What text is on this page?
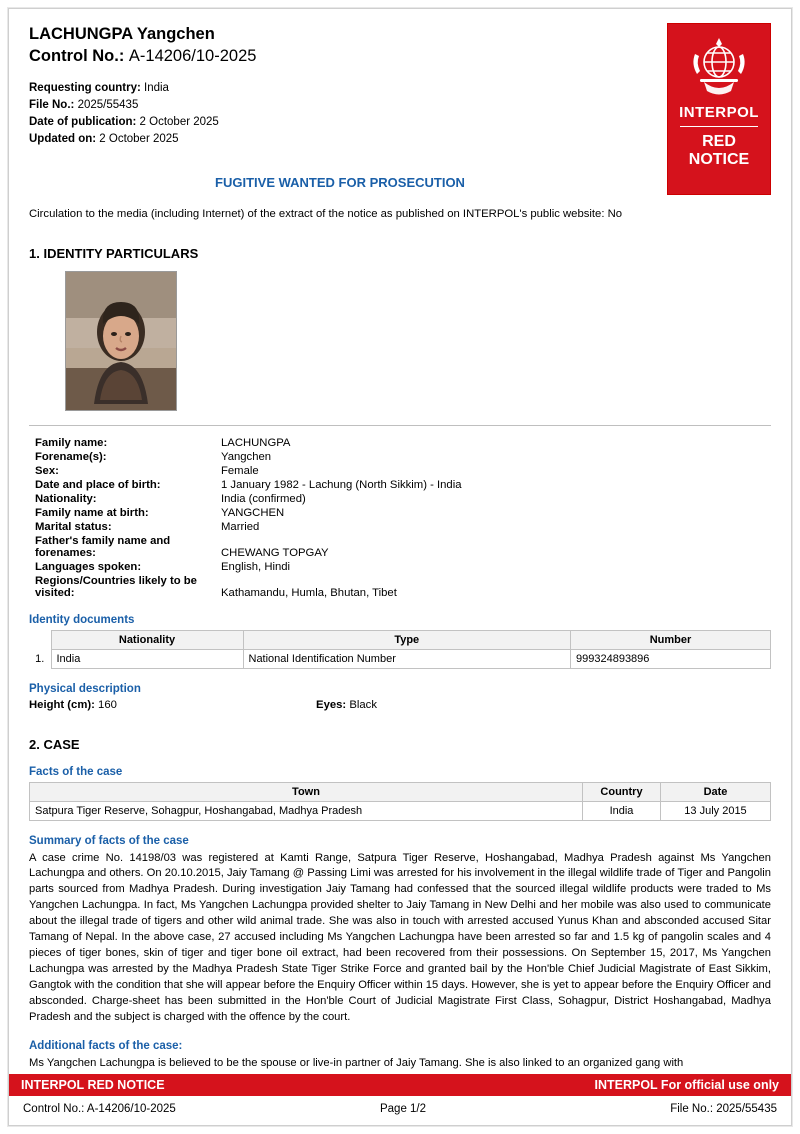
INTERPOL
RED
NOTICE
LACHUNGPA Yangchen
Control No.: A-14206/10-2025
Requesting country: India
File No.: 2025/55435
Date of publication: 2 October 2025
Updated on: 2 October 2025
FUGITIVE WANTED FOR PROSECUTION
Circulation to the media (including Internet) of the extract of the notice as published on INTERPOL's public website: No
1. IDENTITY PARTICULARS
Family name:	LACHUNGPA
Forename(s):	Yangchen
Sex:	Female
Date and place of birth:	1 January 1982 - Lachung (North Sikkim) - India
Nationality:	India (confirmed)
Family name at birth:	YANGCHEN
Marital status:	Married
Father's family name and forenames:	CHEWANG TOPGAY
Languages spoken:	English, Hindi
Regions/Countries likely to be visited:	Kathamandu, Humla, Bhutan, Tibet
Identity documents
	Nationality	Type	Number
1.	India	National Identification Number	999324893896
Physical description
Height (cm): 160	Eyes: Black
2. CASE
Facts of the case
Town	Country	Date
Satpura Tiger Reserve, Sohagpur, Hoshangabad, Madhya Pradesh	India	13 July 2015
Summary of facts of the case

A case crime No. 14198/03 was registered at Kamti Range, Satpura Tiger Reserve, Hoshangabad, Madhya Pradesh against Ms Yangchen Lachungpa and others. On 20.10.2015, Jaiy Tamang @ Passing Limi was arrested for his involvement in the illegal wildlife trade of Tiger and Pangolin parts sourced from Madhya Pradesh. During investigation Jaiy Tamang had confessed that the sourced illegal wildlife products were traded to Ms Yangchen Lachungpa. In fact, Ms Yangchen Lachungpa provided shelter to Jaiy Tamang in New Delhi and her mobile was also used to communicate about the illegal trade of tigers and other wild animal trade. She was also in touch with arrested accused Yunus Khan and absconded accused Sitar Tamang of Nepal. In the above case, 27 accused including Ms Yangchen Lachungpa have been arrested so far and 1.5 kg of pangolin scales and 4 pieces of tiger bones, skin of tiger and tiger bone oil extract, had been recovered from their possessions. On September 15, 2017, Ms Yangchen Lachungpa was arrested by the Madhya Pradesh State Tiger Strike Force and granted bail by the Hon'ble Chief Judicial Magistrate of East Sikkim, Gangtok with the condition that she will appear before the Enquiry Officer within 15 days. However, she is yet to appear before the Enquiry Officer and absconded. Charge-sheet has been submitted in the Hon'ble Court of Judicial Magistrate First Class, Sohagpur, District Hoshangabad, Madhya Pradesh and the subject is charged with the offence by the court.

Additional facts of the case:

Ms Yangchen Lachungpa is believed to be the spouse or live-in partner of Jaiy Tamang. She is also linked to an organized gang with

INTERPOL RED NOTICE	INTERPOL For official use only
Control No.: A-14206/10-2025	Page 1/2	File No.: 2025/55435
